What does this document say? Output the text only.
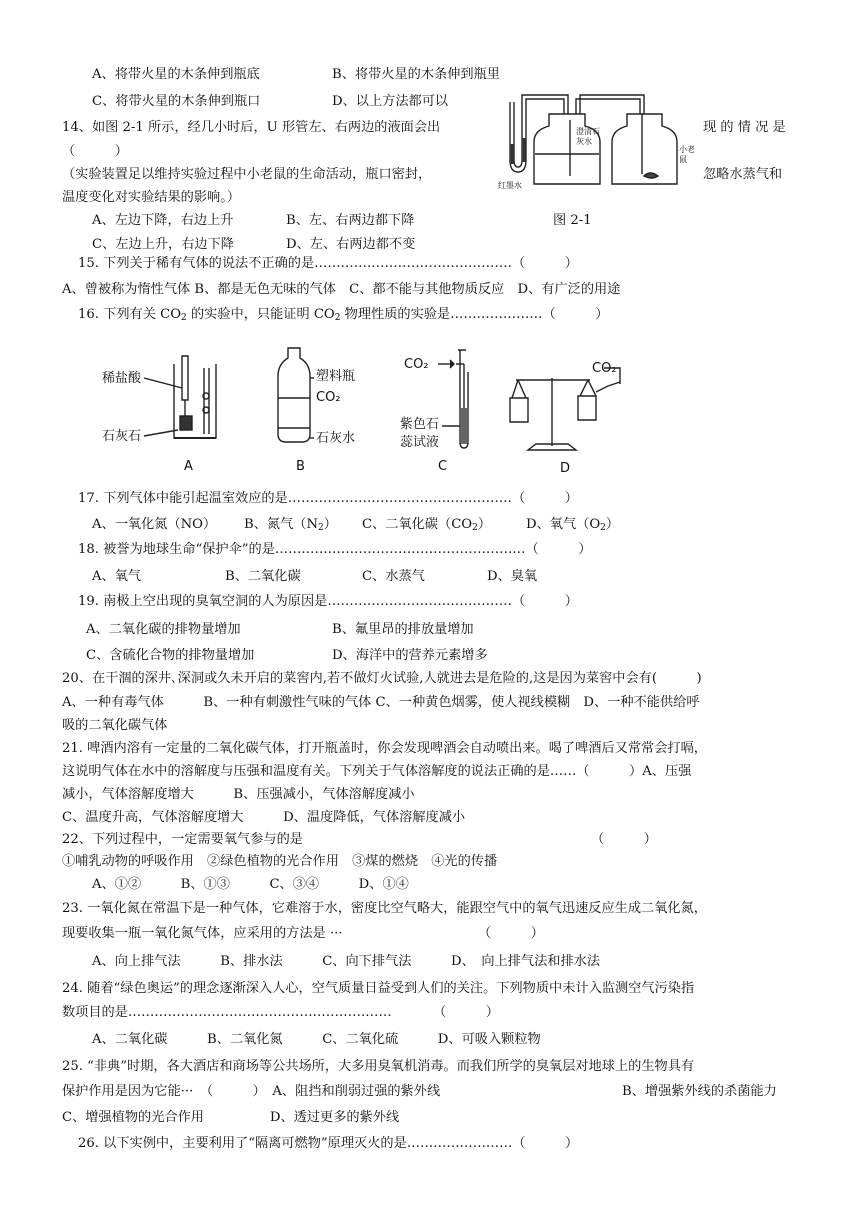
A、将带火星的木条伸到瓶底	B、将带火星的木条伸到瓶里
C、将带火星的木条伸到瓶口	D、以上方法都可以
14、如图 2-1 所示，经几小时后，U 形管左、右两边的液面会出	现 的 情 况 是
（　　　）
（实验装置足以维持实验过程中小老鼠的生命活动，瓶口密封，	忽略水蒸气和
温度变化对实验结果的影响。）
A、左边下降，右边上升	B、左、右两边都下降	图 2-1
C、左边上升，右边下降	D、左、右两边都不变
红墨水
澄清石
灰水
小老
鼠
15. 下列关于稀有气体的说法不正确的是………………………………………（　　　）
A、曾被称为惰性气体 B、都是无色无味的气体　C、都不能与其他物质反应　D、有广泛的用途
16. 下列有关 $CO_2$ 的实验中，只能证明 $CO_2$ 物理性质的实验是…………………（　　　）
稀盐酸
石灰石
A
塑料瓶
CO₂
石灰水
B
CO₂
紫色石
蕊试液
C
CO₂
D
17. 下列气体中能引起温室效应的是……………………………………………（　　　）
A、一氧化氮（NO） B、氮气$(N_2)$ C、二氧化碳$(CO_2)$	D、氧气$(O_2)$
18. 被誉为地球生命“保护伞”的是…………………………………………………（　　　）
A、氧气	B、二氧化碳	C、水蒸气	D、臭氧
19. 南极上空出现的臭氧空洞的人为原因是……………………………………（　　　）
A、二氧化碳的排物量增加	B、氟里昂的排放量增加
C、含硫化合物的排物量增加	D、海洋中的营养元素增多
20、在干涸的深井､深洞或久未开启的菜窖内,若不做灯火试验,人就进去是危险的,这是因为菜窖中会有(　　　)
A、一种有毒气体　　　B、一种有刺激性气味的气体 C、一种黄色烟雾，使人视线模糊　D、一种不能供给呼
吸的二氧化碳气体
21. 啤酒内溶有一定量的二氧化碳气体，打开瓶盖时，你会发现啤酒会自动喷出来。喝了啤酒后又常常会打嗝，
这说明气体在水中的溶解度与压强和温度有关。下列关于气体溶解度的说法正确的是……（　　　）A、压强
减小，气体溶解度增大　　　B、压强减小，气体溶解度减小
C、温度升高，气体溶解度增大　　　D、温度降低，气体溶解度减小
22、下列过程中，一定需要氧气参与的是	（　　　）
①哺乳动物的呼吸作用　②绿色植物的光合作用　③煤的燃烧　④光的传播
A、①②　　　B、①③　　　C、③④　　　D、①④
23. 一氧化氮在常温下是一种气体，它难溶于水，密度比空气略大，能跟空气中的氧气迅速反应生成二氧化氮，
现要收集一瓶一氧化氮气体，应采用的方法是 ···	（　　　）
A、向上排气法　　　B、排水法　　　C、向下排气法　　　D、　向上排气法和排水法
24. 随着“绿色奥运”的理念逐渐深入人心，空气质量日益受到人们的关注。下列物质中未计入监测空气污染指
数项目的是……………………………………………………	（　　　）
A、二氧化碳　　　B、二氧化氮　　　C、二氧化硫　　　D、可吸入颗粒物
25. “非典”时期，各大酒店和商场等公共场所，大多用臭氧机消毒。而我们所学的臭氧层对地球上的生物具有
保护作用是因为它能···　（　　　）　A、阻挡和削弱过强的紫外线	B、增强紫外线的杀菌能力
C、增强植物的光合作用　　　　　D、透过更多的紫外线
26. 以下实例中，主要利用了“隔离可燃物”原理灭火的是……………………（　　　）
